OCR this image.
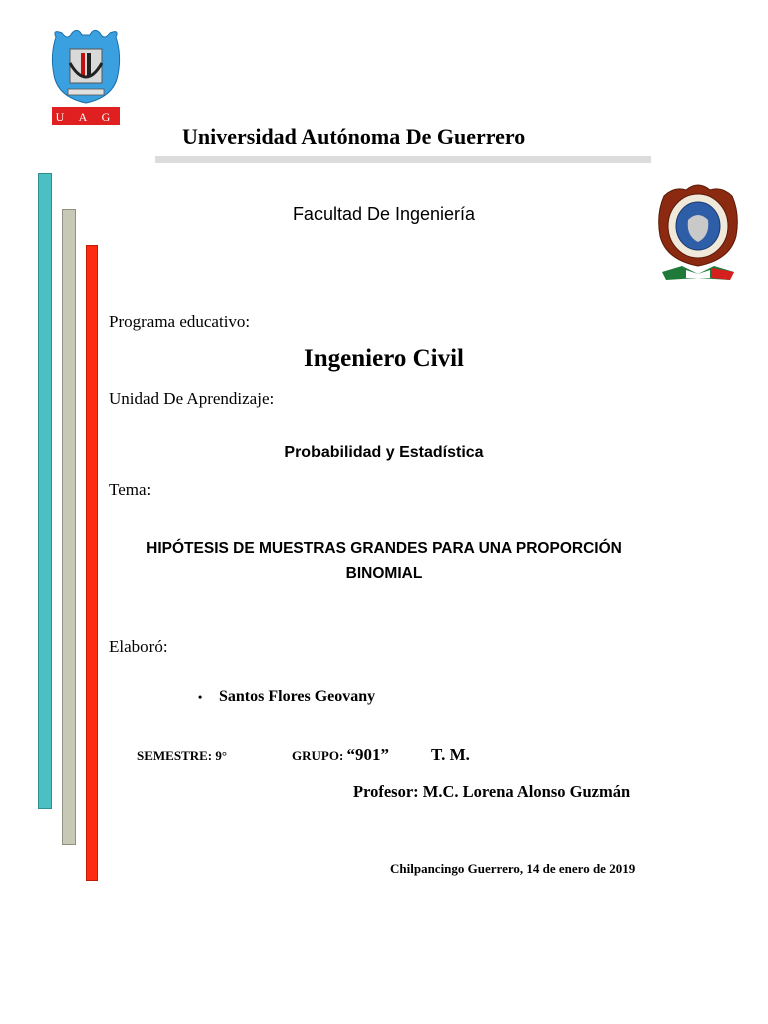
U A G
Universidad Autónoma De Guerrero
Facultad De Ingeniería
Programa educativo:
Ingeniero Civil
Unidad De Aprendizaje:
Probabilidad y Estadística
Tema:
HIPÓTESIS DE MUESTRAS GRANDES PARA UNA PROPORCIÓN
BINOMIAL
Elaboró:
• Santos Flores Geovany
SEMESTRE: 9°	GRUPO: “901” T. M.
Profesor: M.C. Lorena Alonso Guzmán
Chilpancingo Guerrero, 14 de enero de 2019
